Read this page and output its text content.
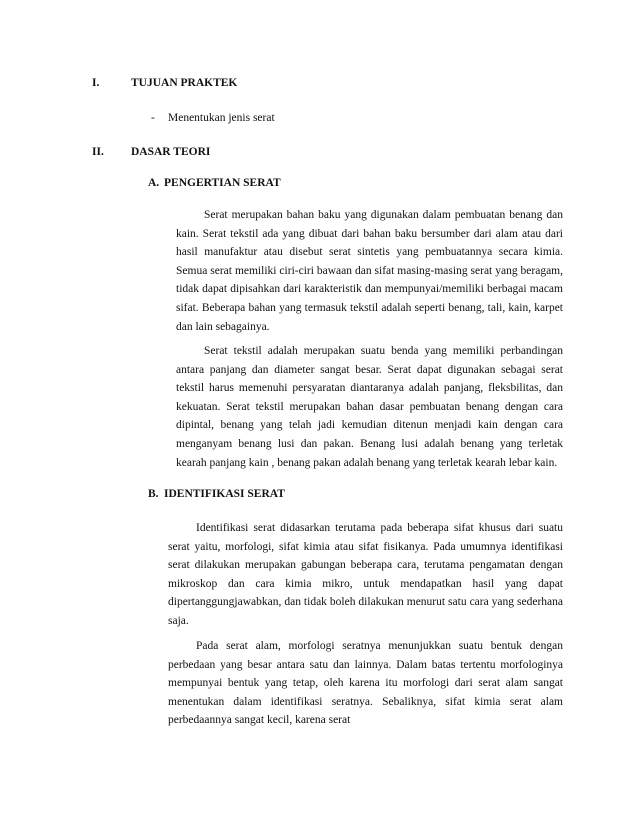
I.	TUJUAN PRAKTEK
- Menentukan jenis serat
II. DASAR TEORI
A. PENGERTIAN SERAT

Serat merupakan bahan baku yang digunakan dalam pembuatan benang dan kain. Serat tekstil ada yang dibuat dari bahan baku bersumber dari alam atau dari hasil manufaktur atau disebut serat sintetis yang pembuatannya secara kimia. Semua serat memiliki ciri-ciri bawaan dan sifat masing-masing serat yang beragam, tidak dapat dipisahkan dari karakteristik dan mempunyai/memiliki berbagai macam sifat. Beberapa bahan yang termasuk tekstil adalah seperti benang, tali, kain, karpet dan lain sebagainya.

Serat tekstil adalah merupakan suatu benda yang memiliki perbandingan antara panjang dan diameter sangat besar. Serat dapat digunakan sebagai serat tekstil harus memenuhi persyaratan diantaranya adalah panjang, fleksbilitas, dan kekuatan. Serat tekstil merupakan bahan dasar pembuatan benang dengan cara dipintal, benang yang telah jadi kemudian ditenun menjadi kain dengan cara menganyam benang lusi dan pakan. Benang lusi adalah benang yang terletak kearah panjang kain , benang pakan adalah benang yang terletak kearah lebar kain.

B. IDENTIFIKASI SERAT

Identifikasi serat didasarkan terutama pada beberapa sifat khusus dari suatu serat yaitu, morfologi, sifat kimia atau sifat fisikanya. Pada umumnya identifikasi serat dilakukan merupakan gabungan beberapa cara, terutama pengamatan dengan mikroskop dan cara kimia mikro, untuk mendapatkan hasil yang dapat dipertanggungjawabkan, dan tidak boleh dilakukan menurut satu cara yang sederhana saja.

Pada serat alam, morfologi seratnya menunjukkan suatu bentuk dengan perbedaan yang besar antara satu dan lainnya. Dalam batas tertentu morfologinya mempunyai bentuk yang tetap, oleh karena itu morfologi dari serat alam sangat menentukan dalam identifikasi seratnya. Sebaliknya, sifat kimia serat alam perbedaannya sangat kecil, karena serat
